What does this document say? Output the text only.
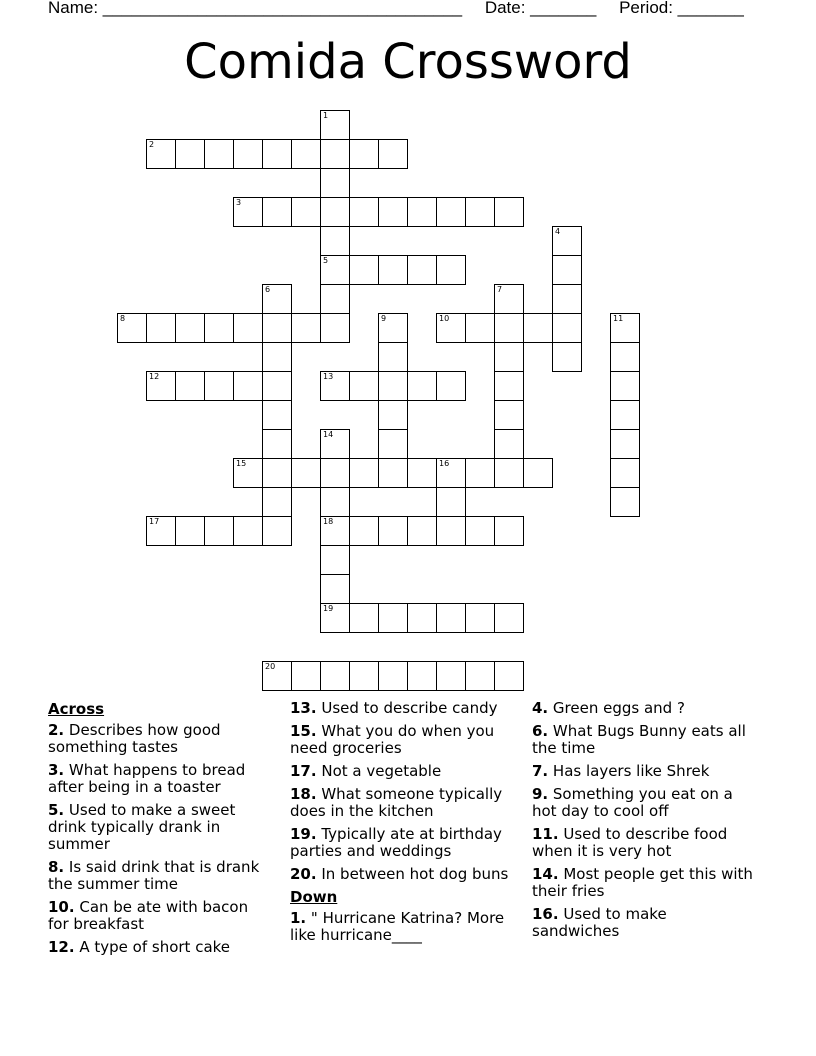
Name: ______________________________________ Date: _______ Period: _______
Comida Crossword
1
2
3
4
5
6	7
8	9	10	11
12	13
14
15	16
17	18
19
20
Across
2. Describes how good something tastes
3. What happens to bread after being in a toaster
5. Used to make a sweet drink typically drank in summer
8. Is said drink that is drank the summer time
10. Can be ate with bacon for breakfast
12. A type of short cake
13. Used to describe candy
15. What you do when you need groceries
17. Not a vegetable
18. What someone typically does in the kitchen
19. Typically ate at birthday parties and weddings
20. In between hot dog buns
Down
1. " Hurricane Katrina? More like hurricane____
4. Green eggs and ?
6. What Bugs Bunny eats all the time
7. Has layers like Shrek
9. Something you eat on a hot day to cool off
11. Used to describe food when it is very hot
14. Most people get this with their fries
16. Used to make sandwiches
